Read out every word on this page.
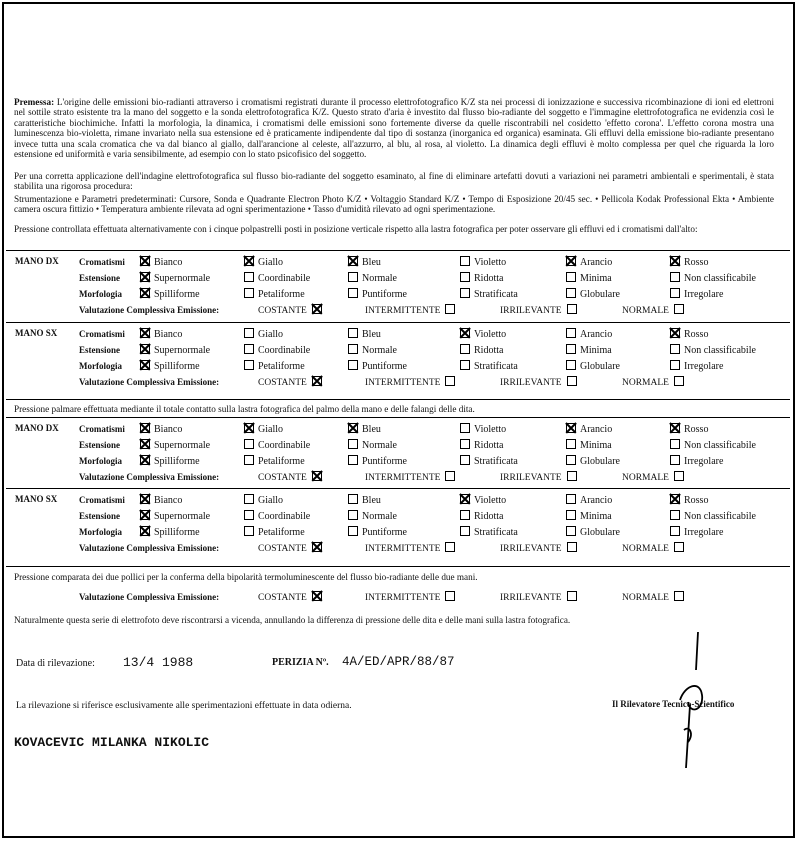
Premessa: L'origine delle emissioni bio-radianti attraverso i cromatismi registrati durante il processo elettrofotografico K/Z sta nei processi di ionizzazione e successiva ricombinazione di ioni ed elettroni nel sottile strato esistente tra la mano del soggetto e la sonda elettrofotografica K/Z. Questo strato d'aria è investito dal flusso bio-radiante del soggetto e l'immagine elettrofotografica ne evidenzia così le caratteristiche biochimiche. Infatti la morfologia, la dinamica, i cromatismi delle emissioni sono fortemente diverse da quelle riscontrabili nel cosidetto 'effetto corona'. L'effetto corona mostra una luminescenza bio-violetta, rimane invariato nella sua estensione ed è praticamente indipendente dal tipo di sostanza (inorganica ed organica) esaminata. Gli effluvi della emissione bio-radiante presentano invece tutta una scala cromatica che va dal bianco al giallo, dall'arancione al celeste, all'azzurro, al blu, al rosa, al violetto. La dinamica degli effluvi è molto complessa per quel che riguarda la loro estensione ed uniformità e varia sensibilmente, ad esempio con lo stato psicofisico del soggetto.
Per una corretta applicazione dell'indagine elettrofotografica sul flusso bio-radiante del soggetto esaminato, al fine di eliminare artefatti dovuti a variazioni nei parametri ambientali e sperimentali, è stata stabilita una rigorosa procedura:
Strumentazione e Parametri predeterminati: Cursore, Sonda e Quadrante Electron Photo K/Z • Voltaggio Standard K/Z • Tempo di Esposizione 20/45 sec. • Pellicola Kodak Professional Ekta • Ambiente camera oscura fittizio • Temperatura ambiente rilevata ad ogni sperimentazione • Tasso d'umidità rilevato ad ogni sperimentazione.
Pressione controllata effettuata alternativamente con i cinque polpastrelli posti in posizione verticale rispetto alla lastra fotografica per poter osservare gli effluvi ed i cromatismi dall'alto:
MANO DX Cromatismi	Bianco	Giallo	Bleu	Violetto	Arancio	Rosso
Estensione	Supernormale	Coordinabile	Normale	Ridotta	Minima	Non classificabile
Morfologia	Spilliforme	Petaliforme	Puntiforme	Stratificata	Globulare	Irregolare
Valutazione Complessiva Emissione:	COSTANTE	INTERMITTENTE	IRRILEVANTE	NORMALE
MANO SX Cromatismi	Bianco	Giallo	Bleu	Violetto	Arancio	Rosso
Estensione	Supernormale	Coordinabile	Normale	Ridotta	Minima	Non classificabile
Morfologia	Spilliforme	Petaliforme	Puntiforme	Stratificata	Globulare	Irregolare
Valutazione Complessiva Emissione:	COSTANTE	INTERMITTENTE	IRRILEVANTE	NORMALE
MANO DX Cromatismi	Bianco	Giallo	Bleu	Violetto	Arancio	Rosso
Estensione	Supernormale	Coordinabile	Normale	Ridotta	Minima	Non classificabile
Morfologia	Spilliforme	Petaliforme	Puntiforme	Stratificata	Globulare	Irregolare
Valutazione Complessiva Emissione:	COSTANTE	INTERMITTENTE	IRRILEVANTE	NORMALE
MANO SX Cromatismi	Bianco	Giallo	Bleu	Violetto	Arancio	Rosso
Estensione	Supernormale	Coordinabile	Normale	Ridotta	Minima	Non classificabile
Morfologia	Spilliforme	Petaliforme	Puntiforme	Stratificata	Globulare	Irregolare
Valutazione Complessiva Emissione:	COSTANTE	INTERMITTENTE	IRRILEVANTE	NORMALE
Pressione palmare effettuata mediante il totale contatto sulla lastra fotografica del palmo della mano e delle falangi delle dita.
Pressione comparata dei due pollici per la conferma della bipolarità termoluminescente del flusso bio-radiante delle due mani.
Valutazione Complessiva Emissione:	COSTANTE	INTERMITTENTE	IRRILEVANTE	NORMALE
Naturalmente questa serie di elettrofoto deve riscontrarsi a vicenda, annullando la differenza di pressione delle dita e delle mani sulla lastra fotografica.
Data di rilevazione: 13/4 1988	PERIZIA Nº. 4A/ED/APR/88/87
La rilevazione si riferisce esclusivamente alle sperimentazioni effettuate in data odierna.	Il Rilevatore Tecnico-Scientifico
KOVACEVIC MILANKA NIKOLIC
